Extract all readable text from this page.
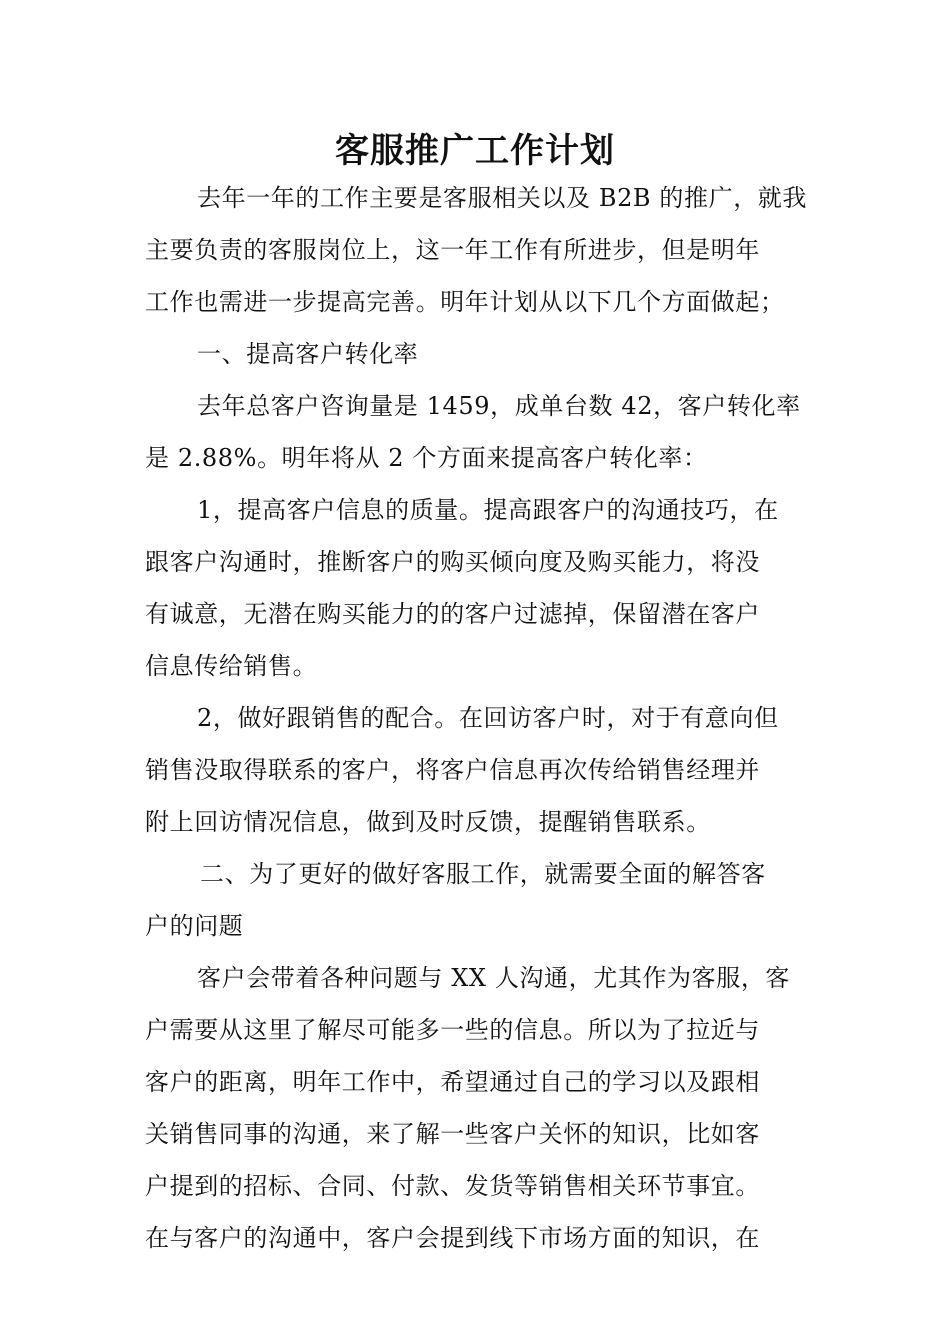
客服推广工作计划
去年一年的工作主要是客服相关以及 B2B 的推广，就我
主要负责的客服岗位上，这一年工作有所进步，但是明年
工作也需进一步提高完善。明年计划从以下几个方面做起；
一、提高客户转化率
去年总客户咨询量是 1459，成单台数 42，客户转化率
是 2.88%。明年将从 2 个方面来提高客户转化率：
1，提高客户信息的质量。提高跟客户的沟通技巧，在
跟客户沟通时，推断客户的购买倾向度及购买能力，将没
有诚意，无潜在购买能力的的客户过滤掉，保留潜在客户
信息传给销售。
2，做好跟销售的配合。在回访客户时，对于有意向但
销售没取得联系的客户，将客户信息再次传给销售经理并
附上回访情况信息，做到及时反馈，提醒销售联系。
二、为了更好的做好客服工作，就需要全面的解答客
户的问题
客户会带着各种问题与 XX 人沟通，尤其作为客服，客
户需要从这里了解尽可能多一些的信息。所以为了拉近与
客户的距离，明年工作中，希望通过自己的学习以及跟相
关销售同事的沟通，来了解一些客户关怀的知识，比如客
户提到的招标、合同、付款、发货等销售相关环节事宜。
在与客户的沟通中，客户会提到线下市场方面的知识，在
